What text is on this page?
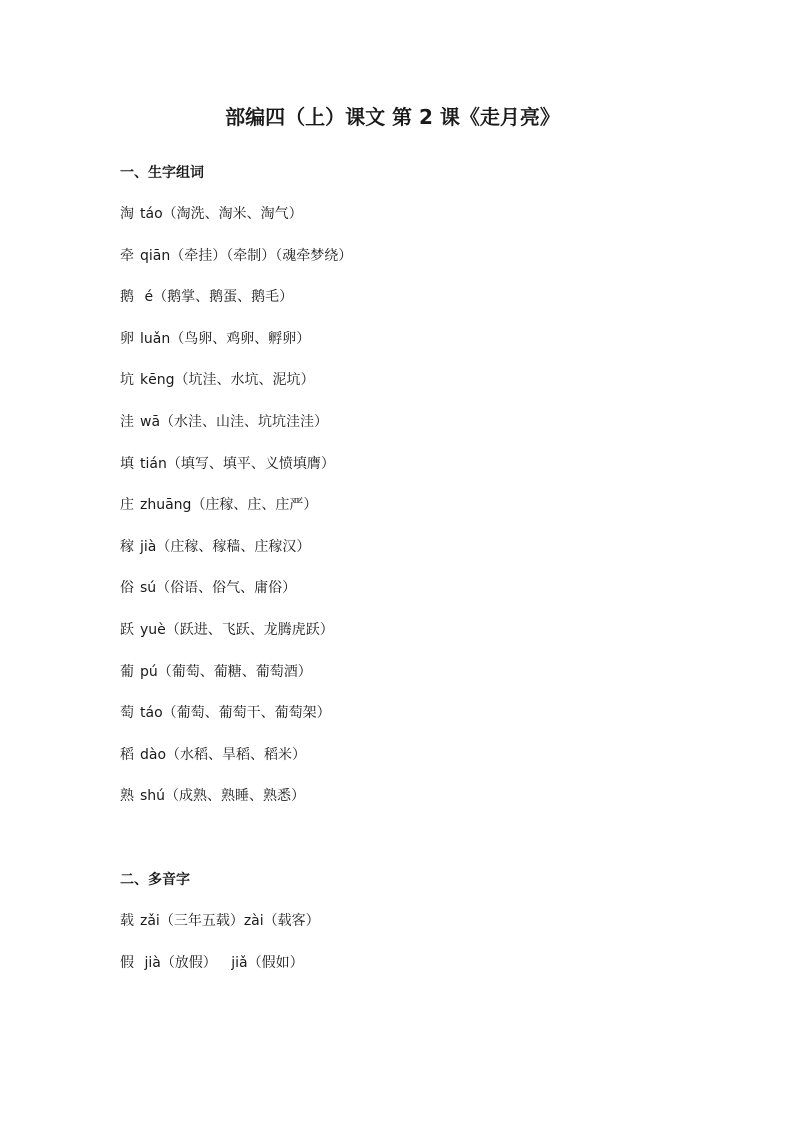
部编四（上）课文 第 2 课《走月亮》
一、生字组词
淘 táo （淘洗、淘米、淘气）
牵 qiān （牵挂）（牵制）（魂牵梦绕）
鹅 é （鹅掌、鹅蛋、鹅毛）
卵 luǎn （鸟卵、鸡卵、孵卵）
坑 kēng （坑洼、水坑、泥坑）
洼 wā （水洼、山洼、坑坑洼洼）
填 tián （填写、填平、义愤填膺）
庄 zhuāng （庄稼、庄、庄严）
稼 jià （庄稼、稼穑、庄稼汉）
俗 sú （俗语、俗气、庸俗）
跃 yuè （跃进、飞跃、龙腾虎跃）
葡 pú （葡萄、葡糖、葡萄酒）
萄 táo （葡萄、葡萄干、葡萄架）
稻 dào （水稻、旱稻、稻米）
熟 shú （成熟、熟睡、熟悉）
二、多音字
载 zǎi （三年五载） zài （载客）
假 jià （放假） jiǎ （假如）
